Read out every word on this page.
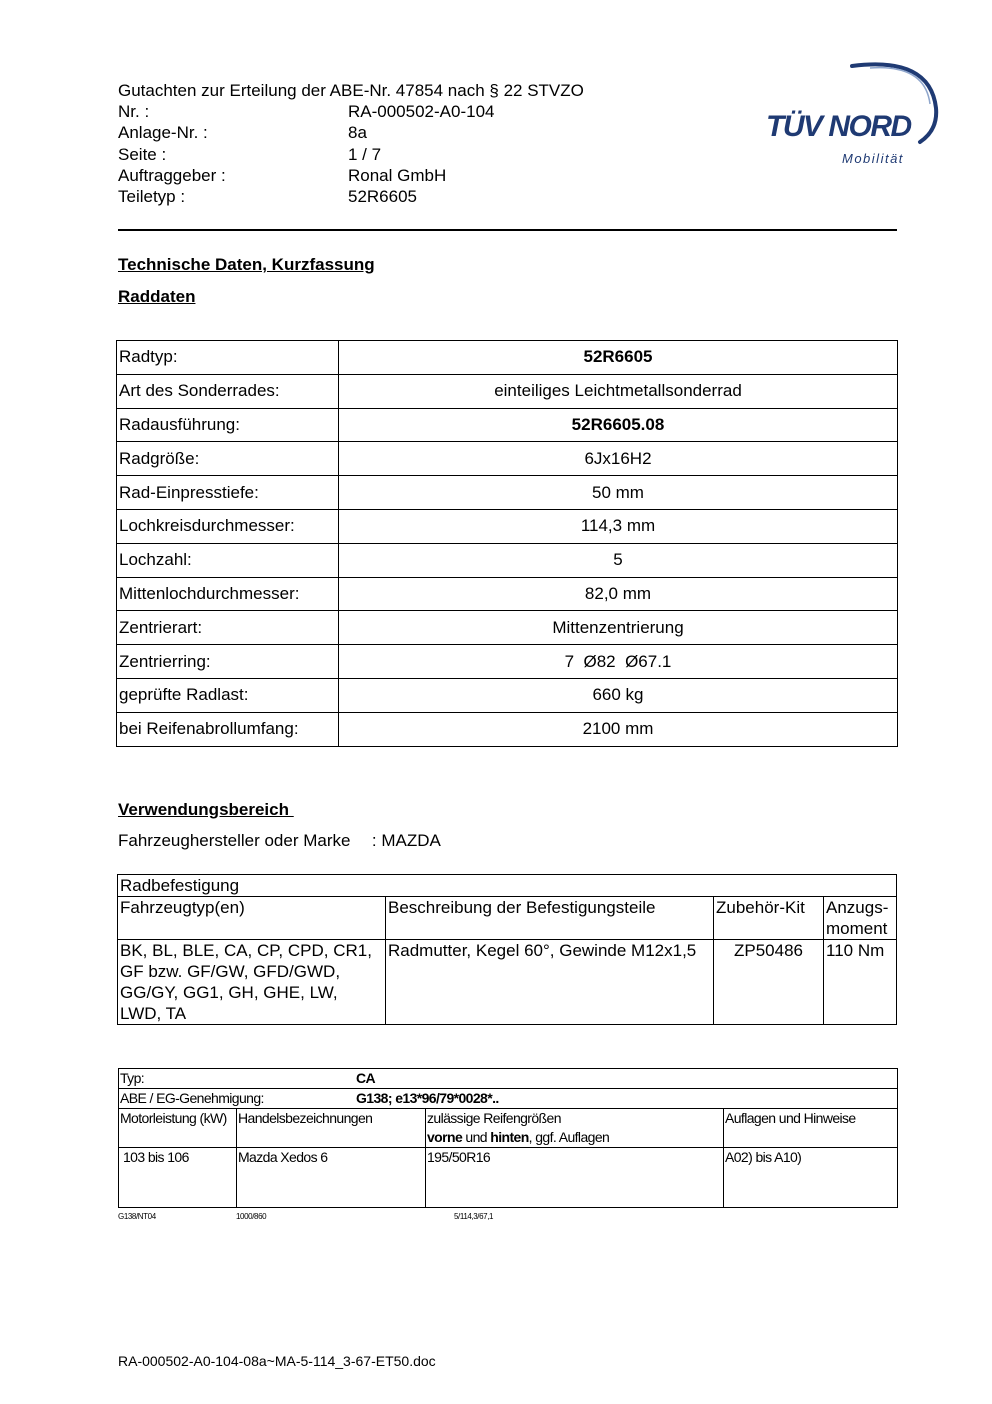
Gutachten zur Erteilung der ABE-Nr. 47854 nach § 22 STVZO
Nr. :	RA-000502-A0-104
Anlage-Nr. :	8a
Seite :	1 / 7
Auftraggeber :	Ronal GmbH
Teiletyp :	52R6605
TÜV NORD
Mobilität
Technische Daten, Kurzfassung
Raddaten
Radtyp:	52R6605
Art des Sonderrades:	einteiliges Leichtmetallsonderrad
Radausführung:	52R6605.08
Radgröße:	6Jx16H2
Rad-Einpresstiefe:	50 mm
Lochkreisdurchmesser:	114,3 mm
Lochzahl:	5
Mittenlochdurchmesser:	82,0 mm
Zentrierart:	Mittenzentrierung
Zentrierring:	7  Ø82  Ø67.1
geprüfte Radlast:	660 kg
bei Reifenabrollumfang:	2100 mm
Verwendungsbereich
Fahrzeughersteller oder Marke : MAZDA
Radbefestigung			
Fahrzeugtyp(en)	Beschreibung der Befestigungsteile	Zubehör-Kit	Anzugs-
moment
BK, BL, BLE, CA, CP, CPD, CR1, GF bzw. GF/GW, GFD/GWD, GG/GY, GG1, GH, GHE, LW, LWD, TA	Radmutter, Kegel 60°, Gewinde M12x1,5	ZP50486	110 Nm
Typ: CA			
ABE / EG-Genehmigung: G138; e13*96/79*0028*..			
Motorleistung (kW)	Handelsbezeichnungen	zulässige Reifengrößen
vorne und hinten, ggf. Auflagen	Auflagen und Hinweise
103 bis 106	Mazda Xedos 6	195/50R16	A02) bis A10)
G138/NT04	1000/860	5/114,3/67,1
RA-000502-A0-104-08a~MA-5-114_3-67-ET50.doc
